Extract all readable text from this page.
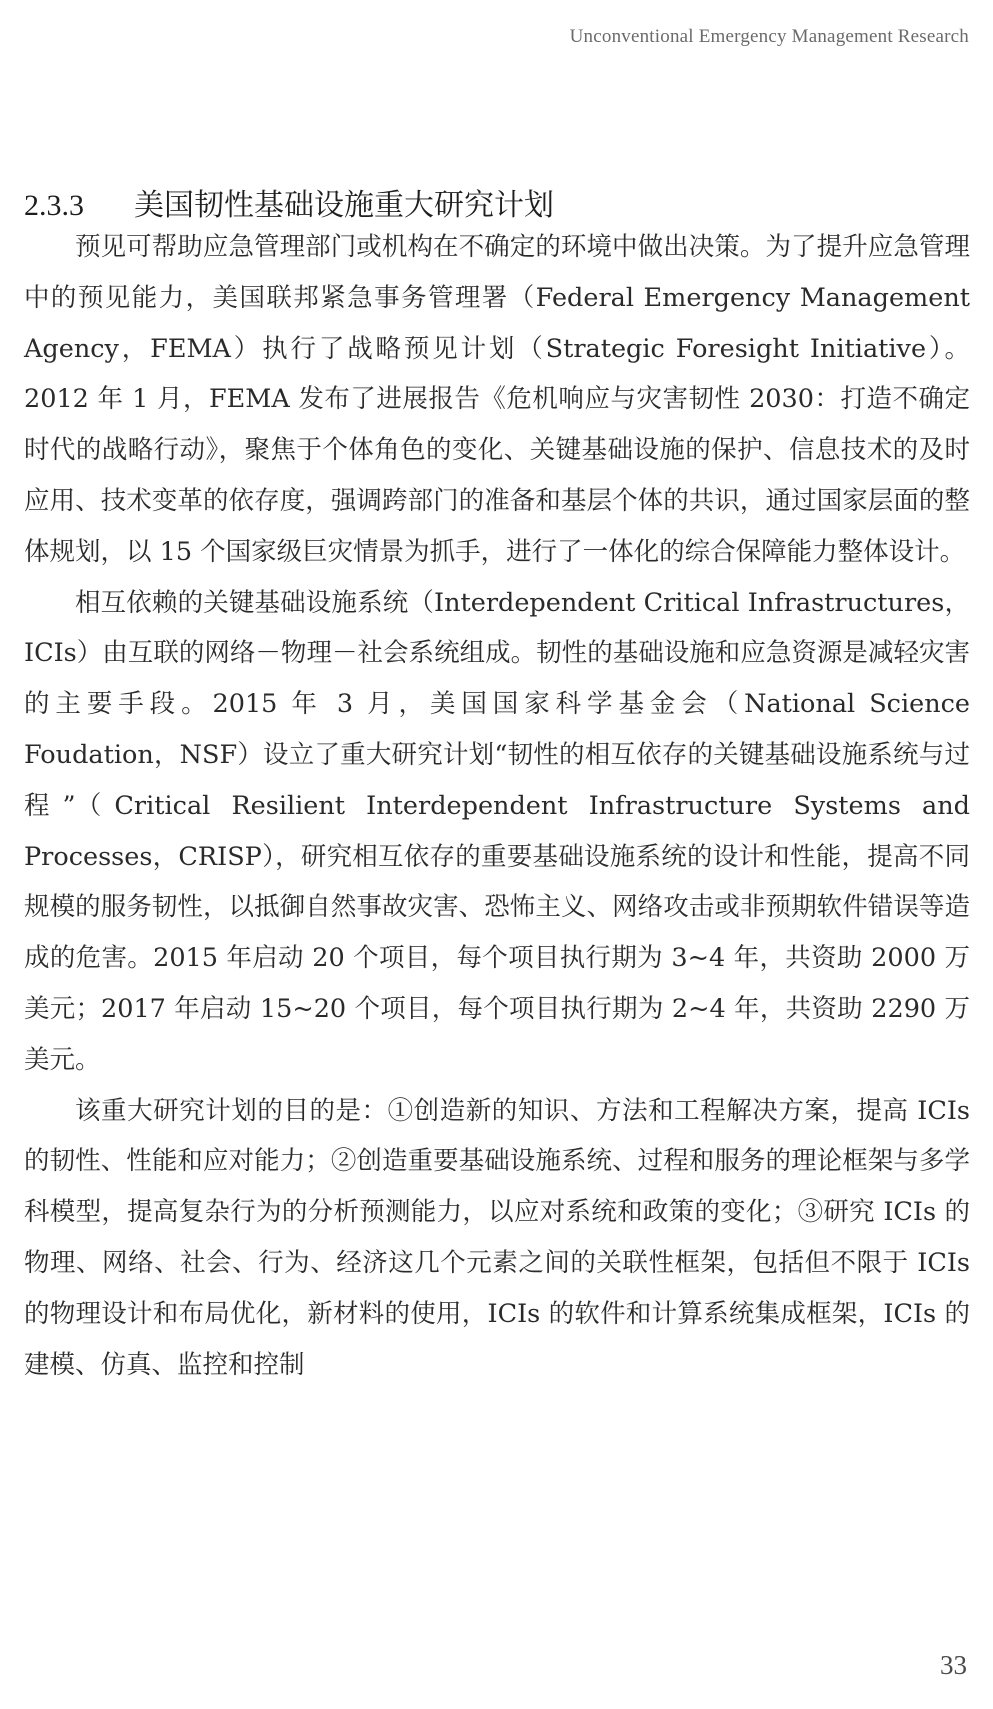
Unconventional Emergency Management Research
2.3.3	美国韧性基础设施重大研究计划

预见可帮助应急管理部门或机构在不确定的环境中做出决策。为了提升应急管理中的预见能力，美国联邦紧急事务管理署（Federal Emergency Management Agency，FEMA）执行了战略预见计划（Strategic Foresight Initiative）。2012 年 1 月，FEMA 发布了进展报告《危机响应与灾害韧性 2030：打造不确定时代的战略行动》，聚焦于个体角色的变化、关键基础设施的保护、信息技术的及时应用、技术变革的依存度，强调跨部门的准备和基层个体的共识，通过国家层面的整体规划，以 15 个国家级巨灾情景为抓手，进行了一体化的综合保障能力整体设计。

相互依赖的关键基础设施系统（Interdependent Critical Infrastructures，ICIs）由互联的网络－物理－社会系统组成。韧性的基础设施和应急资源是减轻灾害的主要手段。2015 年 3 月，美国国家科学基金会（National Science Foudation，NSF）设立了重大研究计划“韧性的相互依存的关键基础设施系统与过程”（Critical Resilient Interdependent Infrastructure Systems and Processes，CRISP），研究相互依存的重要基础设施系统的设计和性能，提高不同规模的服务韧性，以抵御自然事故灾害、恐怖主义、网络攻击或非预期软件错误等造成的危害。2015 年启动 20 个项目，每个项目执行期为 3~4 年，共资助 2000 万美元；2017 年启动 15~20 个项目，每个项目执行期为 2~4 年，共资助 2290 万美元。

该重大研究计划的目的是：①创造新的知识、方法和工程解决方案，提高 ICIs 的韧性、性能和应对能力；②创造重要基础设施系统、过程和服务的理论框架与多学科模型，提高复杂行为的分析预测能力，以应对系统和政策的变化；③研究 ICIs 的物理、网络、社会、行为、经济这几个元素之间的关联性框架，包括但不限于 ICIs 的物理设计和布局优化，新材料的使用，ICIs 的软件和计算系统集成框架，ICIs 的建模、仿真、监控和控制

33
